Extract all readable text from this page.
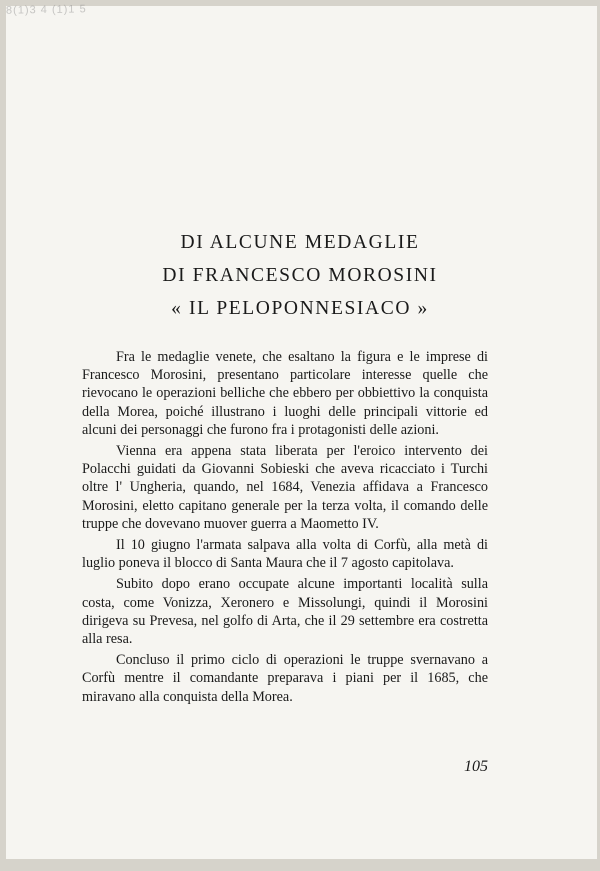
8(1)3 4 (1)1 5
DI ALCUNE MEDAGLIE
DI FRANCESCO MOROSINI
« IL PELOPONNESIACO »

Fra le medaglie venete, che esaltano la figura e le imprese di Francesco Morosini, presentano particolare interesse quelle che rievocano le operazioni belliche che ebbero per obbiettivo la conquista della Morea, poiché illustrano i luoghi delle principali vittorie ed alcuni dei personaggi che furono fra i protagonisti delle azioni.

Vienna era appena stata liberata per l'eroico intervento dei Polacchi guidati da Giovanni Sobieski che aveva ricacciato i Turchi oltre l' Ungheria, quando, nel 1684, Venezia affidava a Francesco Morosini, eletto capitano generale per la terza volta, il comando delle truppe che dovevano muover guerra a Maometto IV.

Il 10 giugno l'armata salpava alla volta di Corfù, alla metà di luglio poneva il blocco di Santa Maura che il 7 agosto capitolava.

Subito dopo erano occupate alcune importanti località sulla costa, come Vonizza, Xeronero e Missolungi, quindi il Morosini dirigeva su Prevesa, nel golfo di Arta, che il 29 settembre era costretta alla resa.

Concluso il primo ciclo di operazioni le truppe svernavano a Corfù mentre il comandante preparava i piani per il 1685, che miravano alla conquista della Morea.

105
